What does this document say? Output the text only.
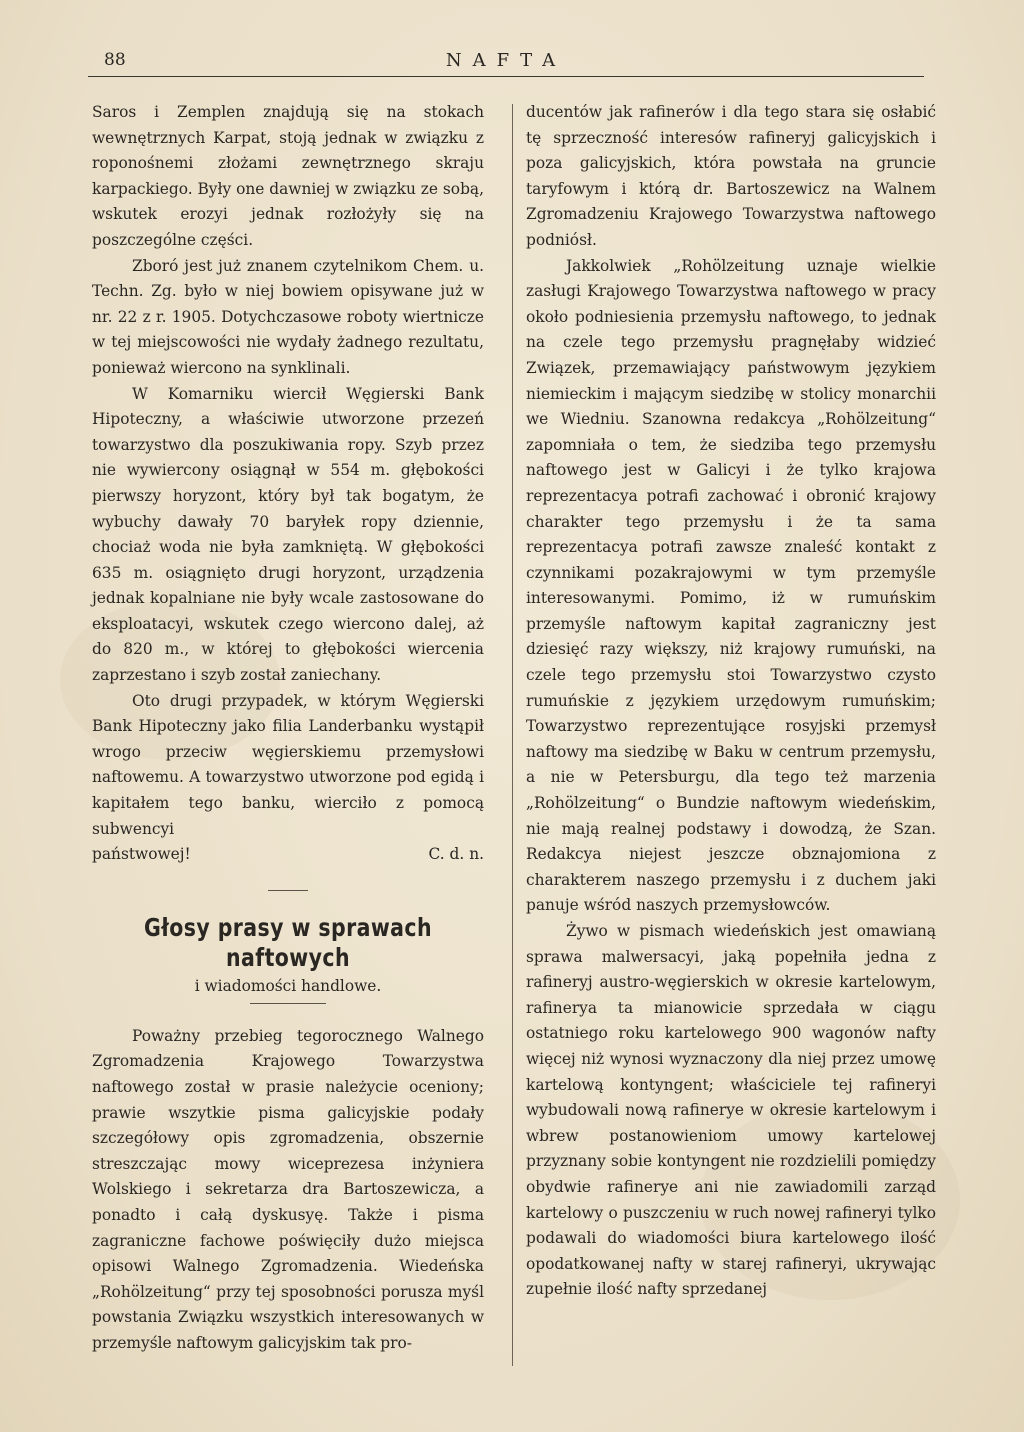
88	NAFTA

Saros i Zemplen znajdują się na stokach wewnętrznych Karpat, stoją jednak w związku z roponośnemi złożami zewnętrznego skraju karpackiego. Były one dawniej w związku ze sobą, wskutek erozyi jednak rozłożyły się na poszczególne części.

Zboró jest już znanem czytelnikom Chem. u. Techn. Zg. było w niej bowiem opisywane już w nr. 22 z r. 1905. Dotychczasowe roboty wiertnicze w tej miejscowości nie wydały żadnego rezultatu, ponieważ wiercono na synklinali.

W Komarniku wiercił Węgierski Bank Hipoteczny, a właściwie utworzone przezeń towarzystwo dla poszukiwania ropy. Szyb przez nie wywiercony osiągnął w 554 m. głębokości pierwszy horyzont, który był tak bogatym, że wybuchy dawały 70 baryłek ropy dziennie, chociaż woda nie była zamkniętą. W głębokości 635 m. osiągnięto drugi horyzont, urządzenia jednak kopalniane nie były wcale zastosowane do eksploatacyi, wskutek czego wiercono dalej, aż do 820 m., w której to głębokości wiercenia zaprzestano i szyb został zaniechany.

Oto drugi przypadek, w którym Węgierski Bank Hipoteczny jako filia Landerbanku wystąpił wrogo przeciw węgierskiemu przemysłowi naftowemu. A towarzystwo utworzone pod egidą i kapitałem tego banku, wierciło z pomocą subwencyi

państwowej!	C. d. n.
Głosy prasy w sprawach naftowych
i wiadomości handlowe.

Poważny przebieg tegorocznego Walnego Zgromadzenia Krajowego Towarzystwa naftowego został w prasie należycie oceniony; prawie wszytkie pisma galicyjskie podały szczegółowy opis zgromadzenia, obszernie streszczając mowy wiceprezesa inżyniera Wolskiego i sekretarza dra Bartoszewicza, a ponadto i całą dyskusyę. Także i pisma zagraniczne fachowe poświęciły dużo miejsca opisowi Walnego Zgromadzenia. Wiedeńska „Rohölzeitung“ przy tej sposobności porusza myśl powstania Związku wszystkich interesowanych w przemyśle naftowym galicyjskim tak pro-

ducentów jak rafinerów i dla tego stara się osłabić tę sprzeczność interesów rafineryj galicyjskich i poza galicyjskich, która powstała na gruncie taryfowym i którą dr. Bartoszewicz na Walnem Zgromadzeniu Krajowego Towarzystwa naftowego podniósł.

Jakkolwiek „Rohölzeitung uznaje wielkie zasługi Krajowego Towarzystwa naftowego w pracy około podniesienia przemysłu naftowego, to jednak na czele tego przemysłu pragnęłaby widzieć Związek, przemawiający państwowym językiem niemieckim i mającym siedzibę w stolicy monarchii we Wiedniu. Szanowna redakcya „Rohölzeitung“ zapomniała o tem, że siedziba tego przemysłu naftowego jest w Galicyi i że tylko krajowa reprezentacya potrafi zachować i obronić krajowy charakter tego przemysłu i że ta sama reprezentacya potrafi zawsze znaleść kontakt z czynnikami pozakrajowymi w tym przemyśle interesowanymi. Pomimo, iż w rumuńskim przemyśle naftowym kapitał zagraniczny jest dziesięć razy większy, niż krajowy rumuński, na czele tego przemysłu stoi Towarzystwo czysto rumuńskie z językiem urzędowym rumuńskim; Towarzystwo reprezentujące rosyjski przemysł naftowy ma siedzibę w Baku w centrum przemysłu, a nie w Petersburgu, dla tego też marzenia „Rohölzeitung“ o Bundzie naftowym wiedeńskim, nie mają realnej podstawy i dowodzą, że Szan. Redakcya niejest jeszcze obznajomiona z charakterem naszego przemysłu i z duchem jaki panuje wśród naszych przemysłowców.

Żywo w pismach wiedeńskich jest omawianą sprawa malwersacyi, jaką popełniła jedna z rafineryj austro-węgierskich w okresie kartelowym, rafinerya ta mianowicie sprzedała w ciągu ostatniego roku kartelowego 900 wagonów nafty więcej niż wynosi wyznaczony dla niej przez umowę kartelową kontyngent; właściciele tej rafineryi wybudowali nową rafinerye w okresie kartelowym i wbrew postanowieniom umowy kartelowej przyznany sobie kontyngent nie rozdzielili pomiędzy obydwie rafinerye ani nie zawiadomili zarząd kartelowy o puszczeniu w ruch nowej rafineryi tylko podawali do wiadomości biura kartelowego ilość opodatkowanej nafty w starej rafineryi, ukrywając zupełnie ilość nafty sprzedanej
